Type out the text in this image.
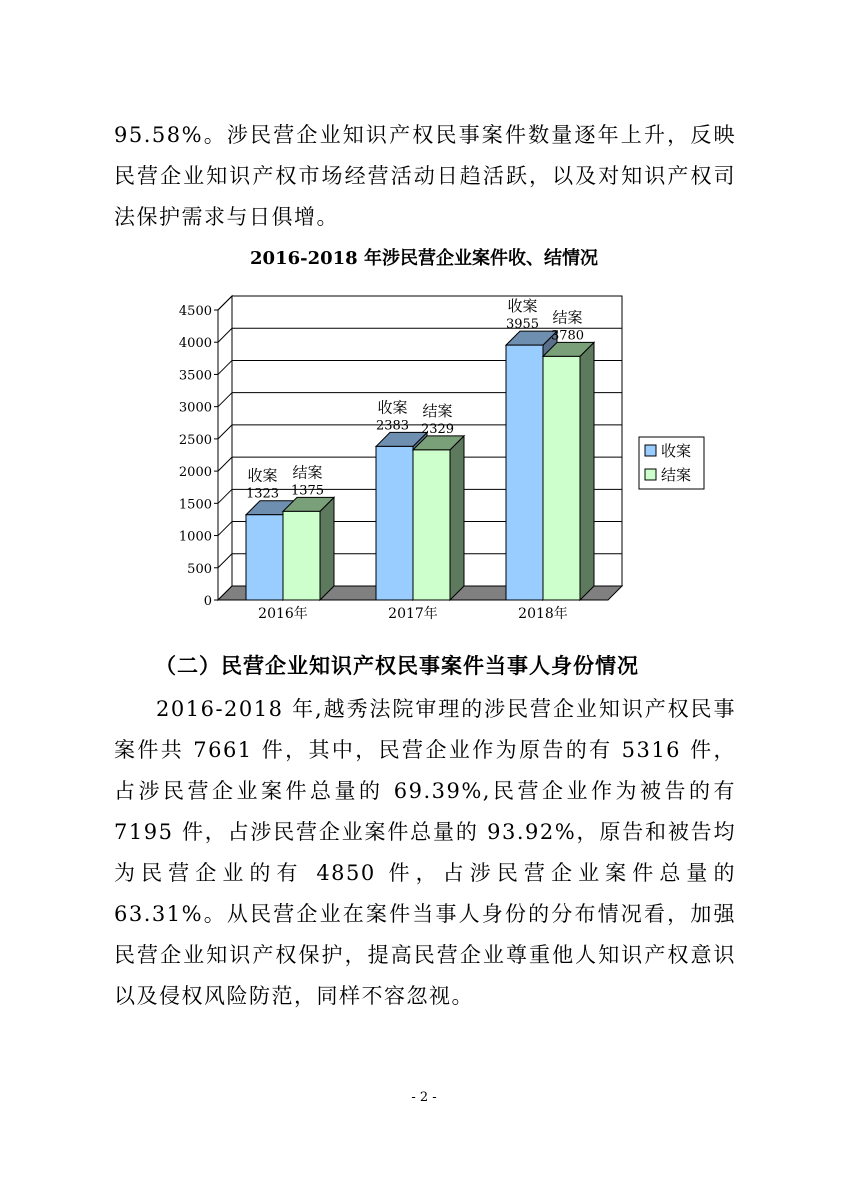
95.58%。涉民营企业知识产权民事案件数量逐年上升，反映民营企业知识产权市场经营活动日趋活跃，以及对知识产权司法保护需求与日俱增。

2016-2018 年涉民营企业案件收、结情况
0
500
1000
1500
2000
2500
3000
3500
4000
4500
收案
1323
结案
1375
2016年
收案
2383
结案
2329
2017年
收案
3955 结案
3780
2018年
收案
结案
（二）民营企业知识产权民事案件当事人身份情况

2016-2018 年,越秀法院审理的涉民营企业知识产权民事案件共 7661 件，其中，民营企业作为原告的有 5316 件，占涉民营企业案件总量的 69.39%,民营企业作为被告的有 7195 件，占涉民营企业案件总量的 93.92%，原告和被告均为民营企业的有 4850 件，占涉民营企业案件总量的 63.31%。从民营企业在案件当事人身份的分布情况看，加强民营企业知识产权保护，提高民营企业尊重他人知识产权意识以及侵权风险防范，同样不容忽视。

- 2 -
